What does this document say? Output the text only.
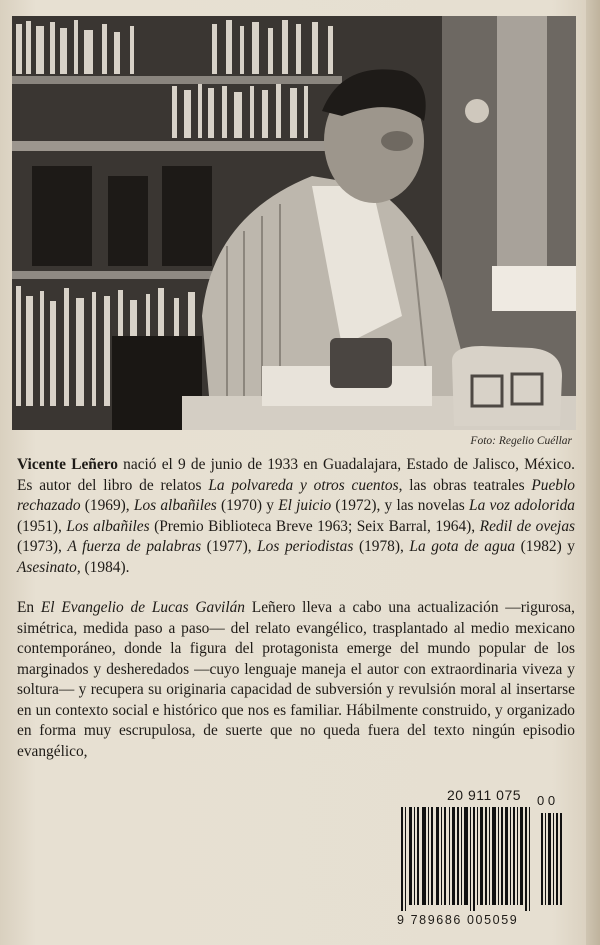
Foto: Regelio Cuéllar
Vicente Leñero nació el 9 de junio de 1933 en Guadalajara, Estado de Jalisco, México. Es autor del libro de relatos La polvareda y otros cuentos, las obras teatrales Pueblo rechazado (1969), Los albañiles (1970) y El juicio (1972), y las novelas La voz adolorida (1951), Los albañiles (Premio Biblioteca Breve 1963; Seix Barral, 1964), Redil de ovejas (1973), A fuerza de palabras (1977), Los periodistas (1978), La gota de agua (1982) y Asesinato, (1984).
En El Evangelio de Lucas Gavilán Leñero lleva a cabo una actualización —rigurosa, simétrica, medida paso a paso— del relato evangélico, trasplantado al medio mexicano contemporáneo, donde la figura del protagonista emerge del mundo popular de los marginados y desheredados —cuyo lenguaje maneja el autor con extraordinaria viveza y soltura— y recupera su originaria capacidad de subversión y revulsión moral al insertarse en un contexto social e histórico que nos es familiar. Hábilmente construido, y organizado en forma muy escrupulosa, de suerte que no queda fuera del texto ningún episodio evangélico,
20 911 075 0 0
9 789686 005059
